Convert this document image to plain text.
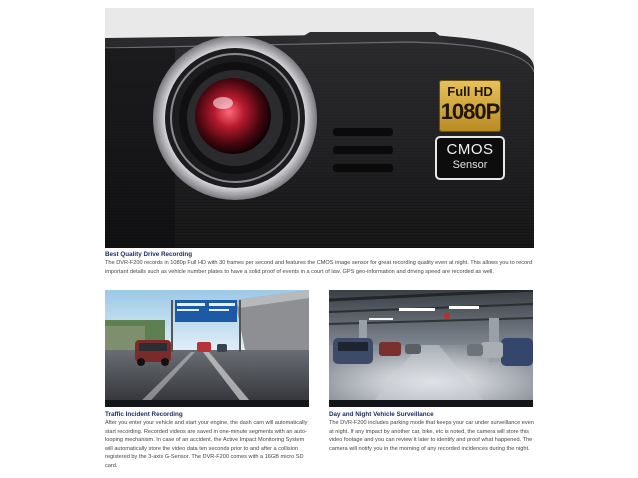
Full HD
1080P
CMOS
Sensor
Best Quality Drive Recording
The DVR-F200 records in 1080p Full HD with 30 frames per second and features the CMOS image sensor for great recording quality even at night. This allows you to record important details such as vehicle number plates to have a solid proof of events in a court of law. GPS geo-information and driving speed are recorded as well.
Traffic Incident Recording
After you enter your vehicle and start your engine, the dash cam will automatically start recording. Recorded videos are saved in one-minute segments with an auto-looping mechanism. In case of an accident, the Active Impact Monitoring System will automatically store the video data ten seconds prior to and after a collision registered by the 3-axis G-Sensor. The DVR-F200 comes with a 16GB micro SD card.
Day and Night Vehicle Surveillance
The DVR-F200 includes parking mode that keeps your car under surveillance even at night. If any impact by another car, bike, etc is noted, the camera will store this video footage and you can review it later to identify and proof what happened. The camera will notify you in the morning of any recorded incidences during the night.
